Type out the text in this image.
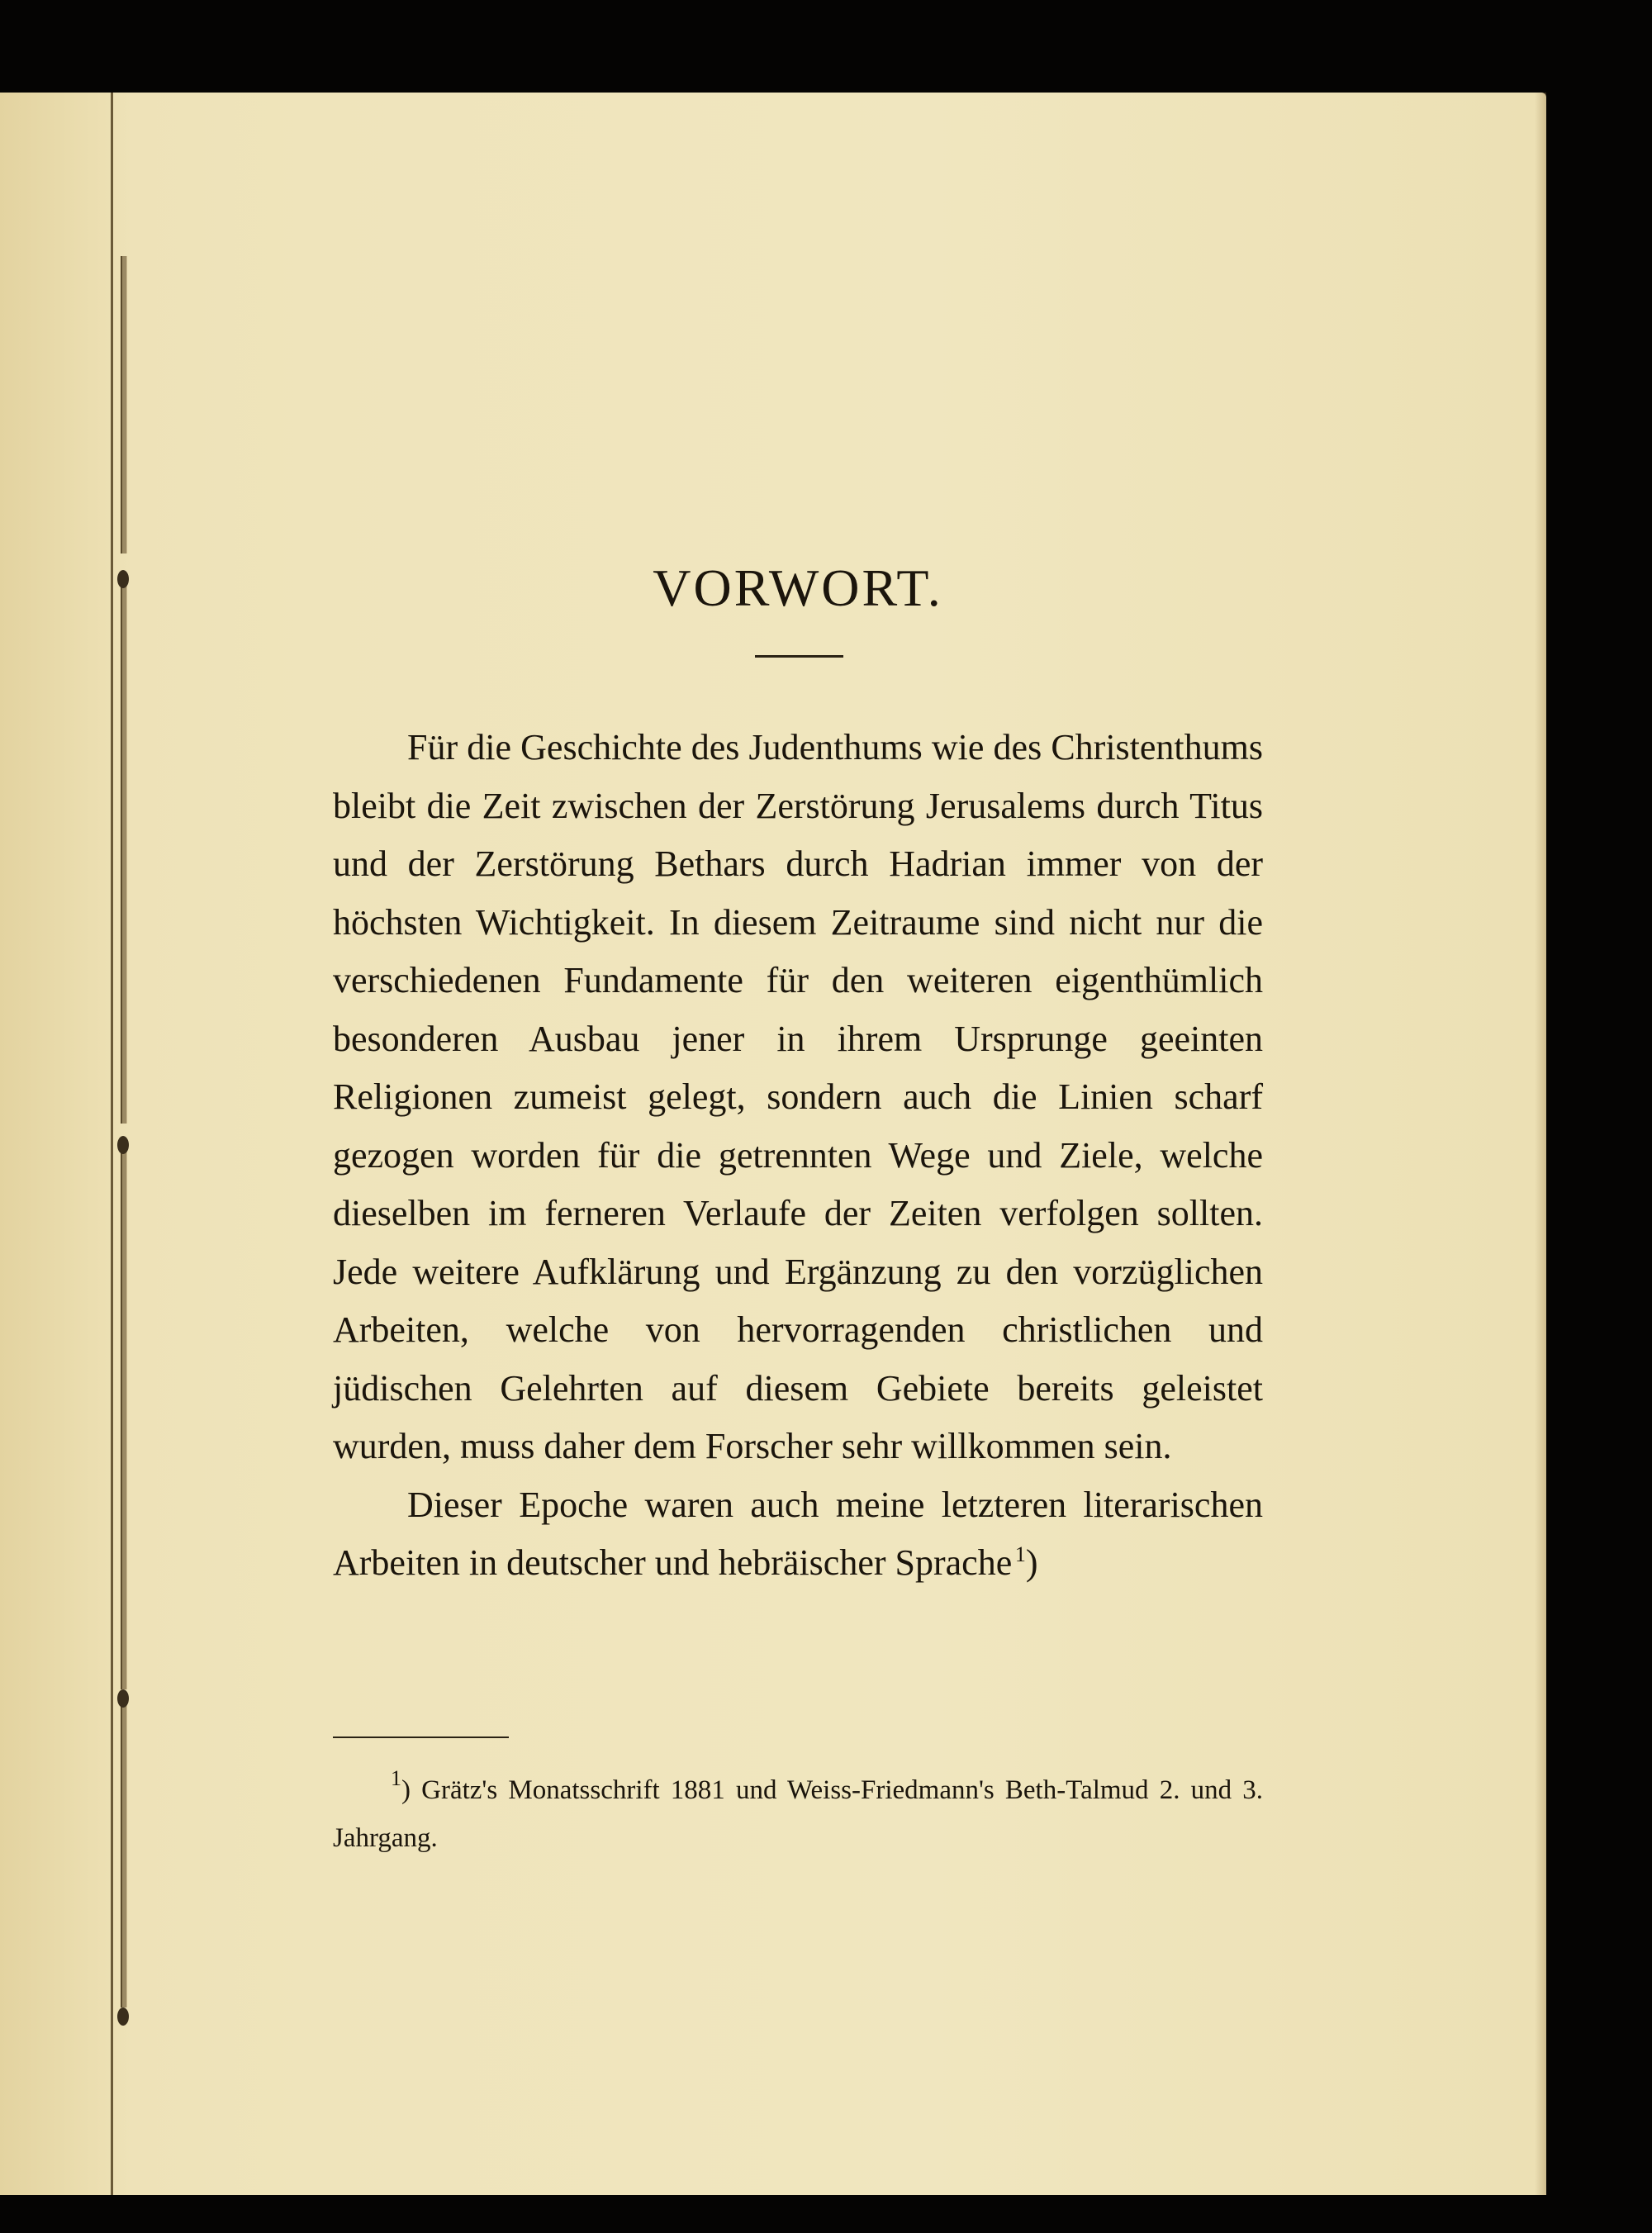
VORWORT.

Für die Geschichte des Judenthums wie des Christenthums bleibt die Zeit zwischen der Zerstörung Jerusalems durch Titus und der Zerstörung Bethars durch Hadrian immer von der höchsten Wichtigkeit. In diesem Zeitraume sind nicht nur die verschiedenen Fundamente für den weiteren eigenthümlich besonderen Ausbau jener in ihrem Ursprunge geeinten Religionen zumeist gelegt, sondern auch die Linien scharf gezogen worden für die getrennten Wege und Ziele, welche dieselben im ferneren Verlaufe der Zeiten verfolgen sollten. Jede weitere Aufklärung und Ergänzung zu den vorzüglichen Arbeiten, welche von hervorragenden christlichen und jüdischen Gelehrten auf diesem Gebiete bereits geleistet wurden, muss daher dem Forscher sehr willkommen sein.

Dieser Epoche waren auch meine letzteren literarischen Arbeiten in deutscher und hebräischer Sprache  $^1$)

$^1$) Grätz's Monatsschrift 1881 und Weiss-Friedmann's Beth-Talmud 2. und 3. Jahrgang.
